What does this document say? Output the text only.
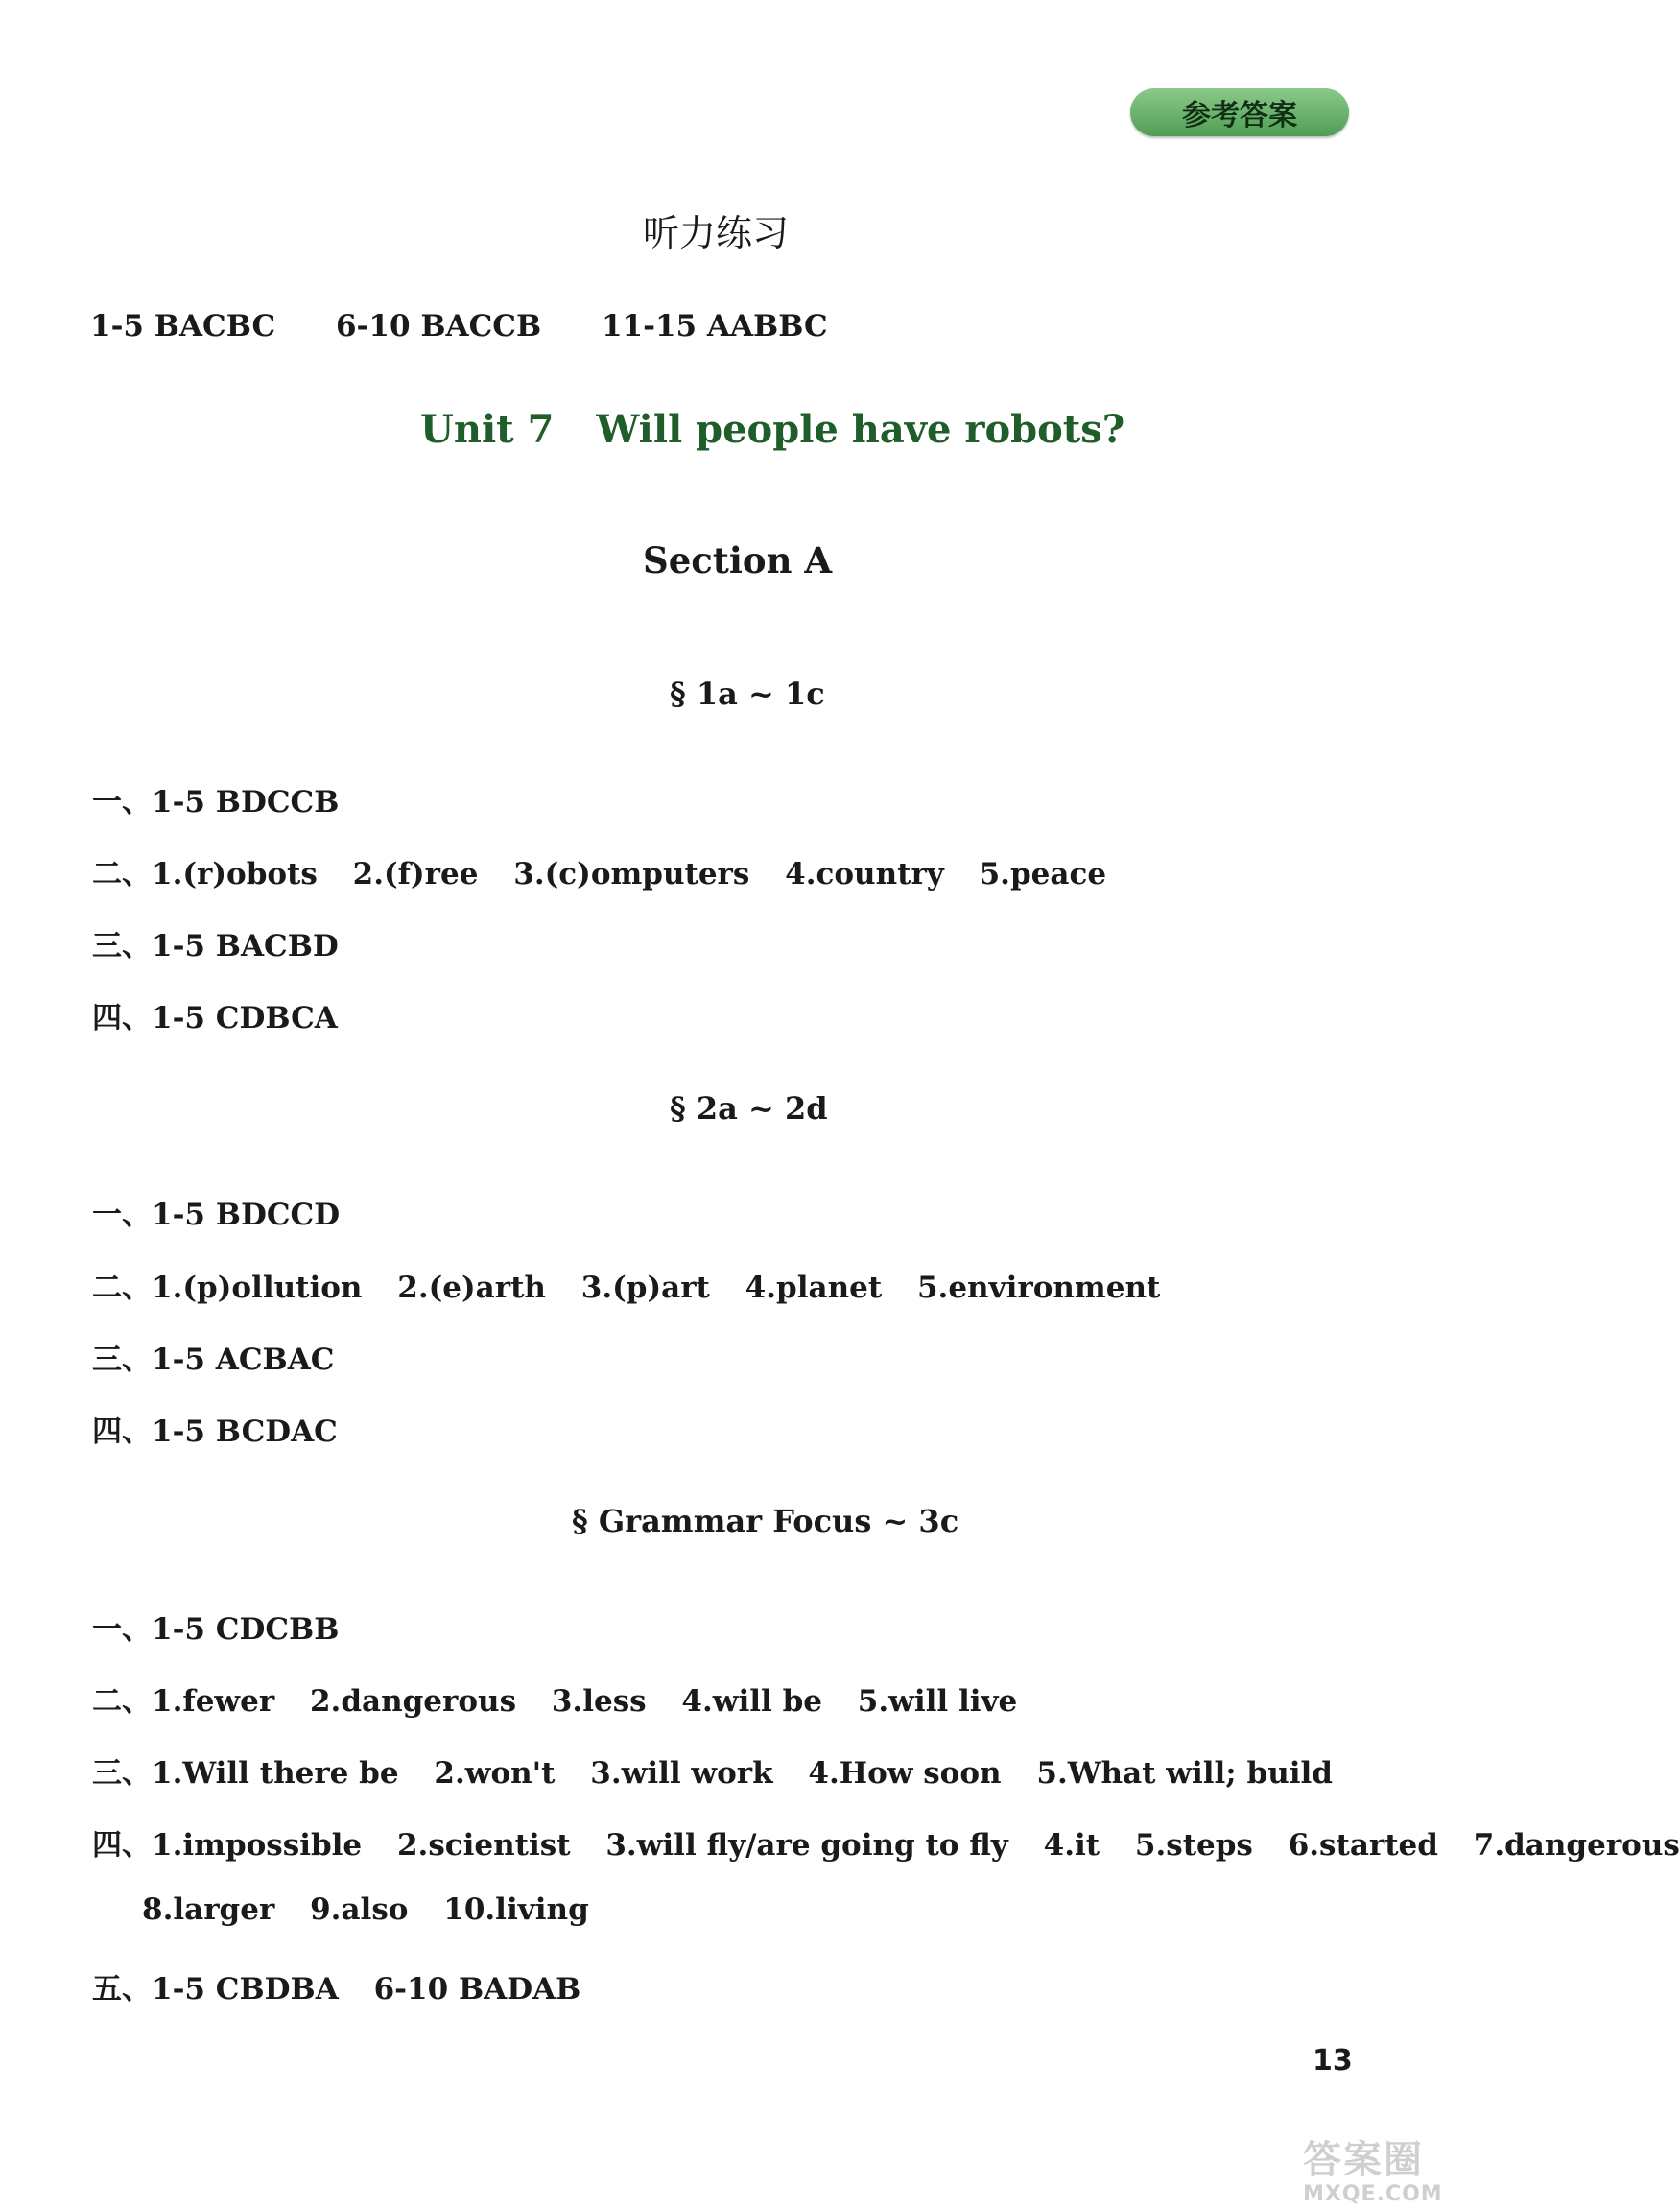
参考答案
听力练习
1-5 BACBC 6-10 BACCB 11-15 AABBC
Unit 7 Will people have robots?
Section A
§ 1a ~ 1c
一、1-5 BDCCB
二、1.(r)obots 2.(f)ree 3.(c)omputers 4.country 5.peace
三、1-5 BACBD
四、1-5 CDBCA
§ 2a ~ 2d
一、1-5 BDCCD
二、1.(p)ollution 2.(e)arth 3.(p)art 4.planet 5.environment
三、1-5 ACBAC
四、1-5 BCDAC
§ Grammar Focus ~ 3c
一、1-5 CDCBB
二、1.fewer 2.dangerous 3.less 4.will be 5.will live
三、1.Will there be 2.won't 3.will work 4.How soon 5.What will; build
四、1.impossible 2.scientist 3.will fly/are going to fly 4.it 5.steps 6.started 7.dangerous
8.larger 9.also 10.living
五、1-5 CBDBA 6-10 BADAB
13
答案圈
MXQE.COM
